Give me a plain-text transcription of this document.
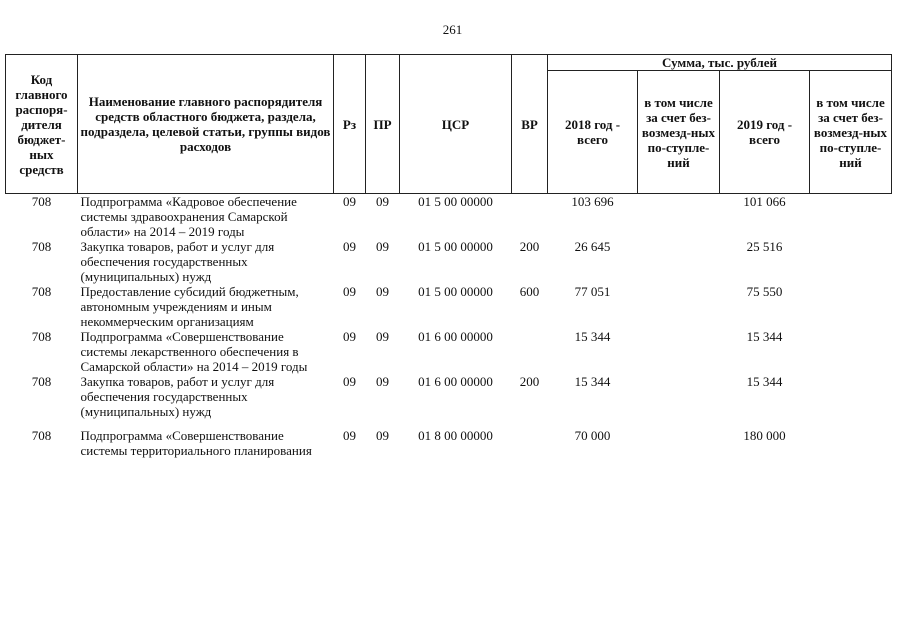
261
Код главного распоря-дителя бюджет-ных средств	Наименование главного распорядителя средств областного бюджета, раздела, подраздела, целевой статьи, группы видов расходов	Рз	ПР	ЦСР	ВР	Сумма, тыс. рублей			
						2018 год - всего	в том числе за счет без-возмезд-ных по-ступле-ний	2019 год - всего	в том числе за счет без-возмезд-ных по-ступле-ний
708	Подпрограмма «Кадровое обеспечение системы здравоохранения Самарской области» на 2014 – 2019 годы	09	09	01 5 00 00000		103 696		101 066	
708	Закупка товаров, работ и услуг для обеспечения государственных (муниципальных) нужд	09	09	01 5 00 00000	200	26 645		25 516	
708	Предоставление субсидий бюджетным, автономным учреждениям и иным некоммерческим организациям	09	09	01 5 00 00000	600	77 051		75 550	
708	Подпрограмма «Совершенствование системы лекарственного обеспечения в Самарской области» на 2014 – 2019 годы	09	09	01 6 00 00000		15 344		15 344	
708	Закупка товаров, работ и услуг для обеспечения государственных (муниципальных) нужд	09	09	01 6 00 00000	200	15 344		15 344	
708	Подпрограмма «Совершенствование системы территориального планирования	09	09	01 8 00 00000		70 000		180 000	
